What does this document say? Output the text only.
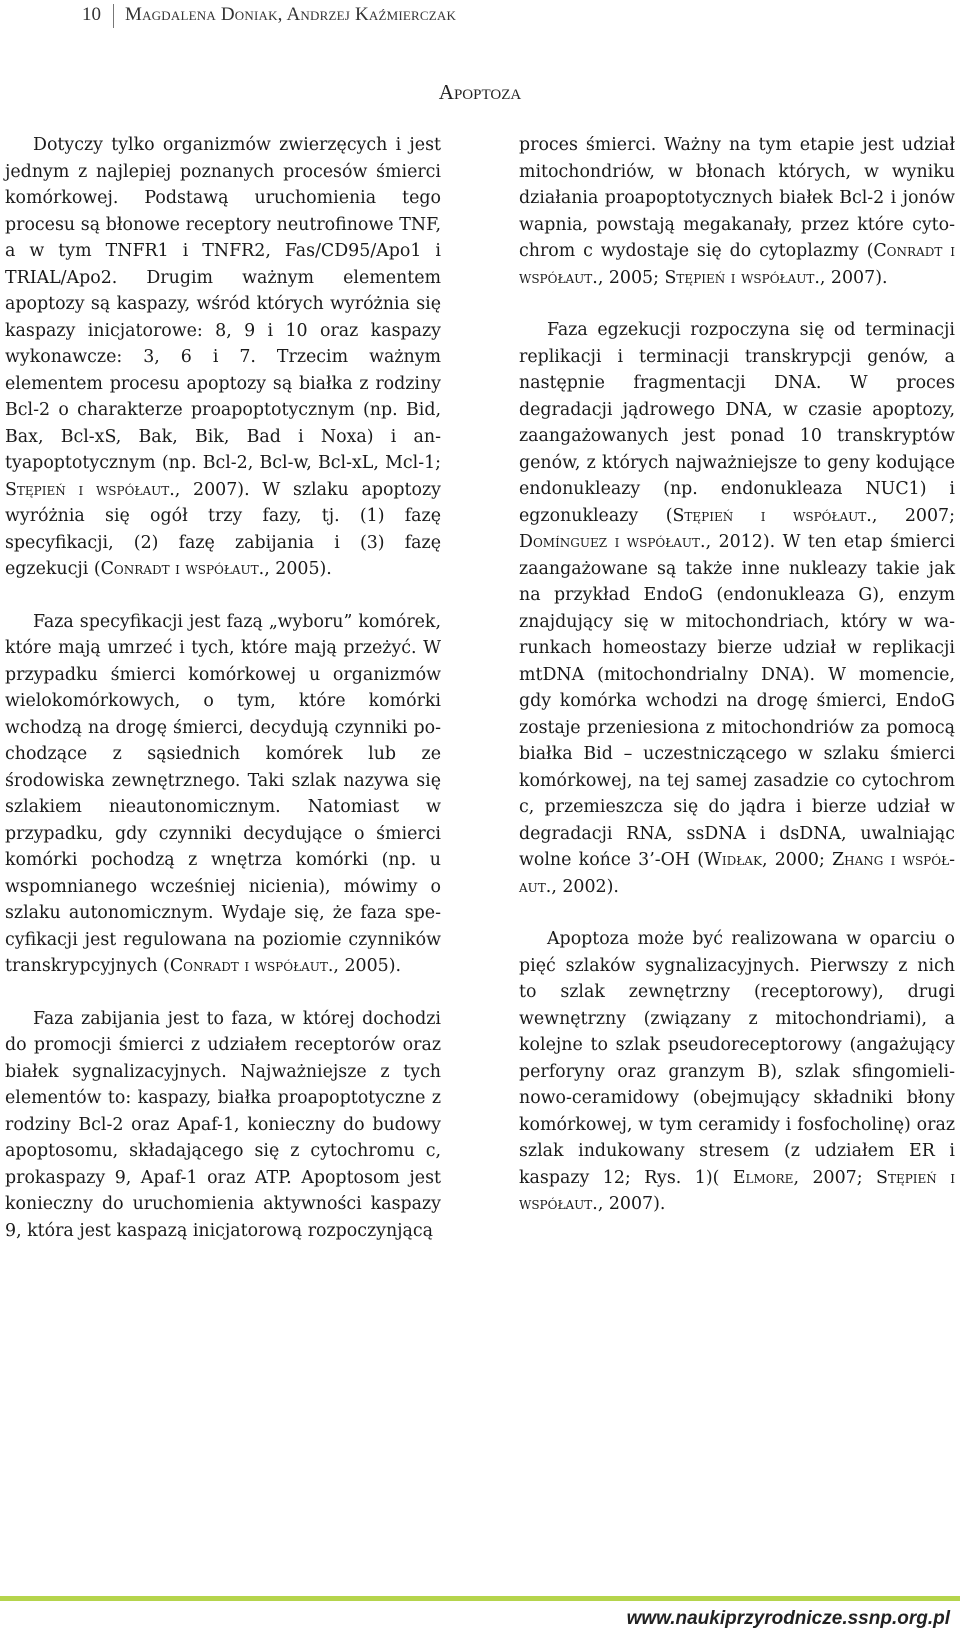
10 Magdalena Doniak, Andrzej Kaźmierczak
Apoptoza

Dotyczy tylko organizmów zwierzęcych i jest jednym z najlepiej poznanych procesów śmierci komórkowej. Podstawą uruchomienia tego procesu są błonowe receptory neutrofinowe TNF, a w tym TNFR1 i TNFR2, Fas/CD95/Apo1 i TRIAL/Apo2. Drugim ważnym elementem apoptozy są kaspazy, wśród których wyróżnia się kaspazy inicjatorowe: 8, 9 i 10 oraz kaspazy wykonawcze: 3, 6 i 7. Trzecim ważnym elementem procesu apoptozy są białka z rodziny Bcl-2 o charakterze proapoptotycznym (np. Bid, Bax, Bcl-xS, Bak, Bik, Bad i Noxa) i antyapoptotycznym (np. Bcl-2, Bcl-w, Bcl-xL, Mcl-1; Stępień i współaut., 2007). W szlaku apoptozy wyróżnia się ogół trzy fazy, tj. (1) fazę specyfikacji, (2) fazę zabijania i (3) fazę egzekucji (Conradt i współaut., 2005).

Faza specyfikacji jest fazą „wyboru” komórek, które mają umrzeć i tych, które mają przeżyć. W przypadku śmierci komórkowej u organizmów wielokomórkowych, o tym, które komórki wchodzą na drogę śmierci, decydują czynniki pochodzące z sąsiednich komórek lub ze środowiska zewnętrznego. Taki szlak nazywa się szlakiem nieautonomicznym. Natomiast w przypadku, gdy czynniki decydujące o śmierci komórki pochodzą z wnętrza komórki (np. u wspomnianego wcześniej nicienia), mówimy o szlaku autonomicznym. Wydaje się, że faza specyfikacji jest regulowana na poziomie czynników transkrypcyjnych (Conradt i współaut., 2005).

Faza zabijania jest to faza, w której dochodzi do promocji śmierci z udziałem receptorów oraz białek sygnalizacyjnych. Najważniejsze z tych elementów to: kaspazy, białka proapoptotyczne z rodziny Bcl-2 oraz Apaf-1, konieczny do budowy apoptosomu, składającego się z cytochromu c, prokaspazy 9, Apaf-1 oraz ATP. Apoptosom jest konieczny do uruchomienia aktywności kaspazy 9, która jest kaspazą inicjatorową rozpoczynjącą

proces śmierci. Ważny na tym etapie jest udział mitochondriów, w błonach których, w wyniku działania proapoptotycznych białek Bcl-2 i jonów wapnia, powstają megakanały, przez które cytochrom c wydostaje się do cytoplazmy (Conradt i współaut., 2005; Stępień i współaut., 2007).

Faza egzekucji rozpoczyna się od terminacji replikacji i terminacji transkrypcji genów, a następnie fragmentacji DNA. W proces degradacji jądrowego DNA, w czasie apoptozy, zaangażowanych jest ponad 10 transkryptów genów, z których najważniejsze to geny kodujące endonukleazy (np. endonukleaza NUC1) i egzonukleazy (Stępień i współaut., 2007; Domínguez i współaut., 2012). W ten etap śmierci zaangażowane są także inne nukleazy takie jak na przykład EndoG (endonukleaza G), enzym znajdujący się w mitochondriach, który w warunkach homeostazy bierze udział w replikacji mtDNA (mitochondrialny DNA). W momencie, gdy komórka wchodzi na drogę śmierci, EndoG zostaje przeniesiona z mitochondriów za pomocą białka Bid – uczestniczącego w szlaku śmierci komórkowej, na tej samej zasadzie co cytochrom c, przemieszcza się do jądra i bierze udział w degradacji RNA, ssDNA i dsDNA, uwalniając wolne końce 3’-OH (Widłak, 2000; Zhang i współaut., 2002).

Apoptoza może być realizowana w oparciu o pięć szlaków sygnalizacyjnych. Pierwszy z nich to szlak zewnętrzny (receptorowy), drugi wewnętrzny (związany z mitochondriami), a kolejne to szlak pseudoreceptorowy (angażujący perforyny oraz granzym B), szlak sfingomielinowo-ceramidowy (obejmujący składniki błony komórkowej, w tym ceramidy i fosfocholinę) oraz szlak indukowany stresem (z udziałem ER i kaspazy 12; Rys. 1)( Elmore, 2007; Stępień i współaut., 2007).

www.naukiprzyrodnicze.ssnp.org.pl
